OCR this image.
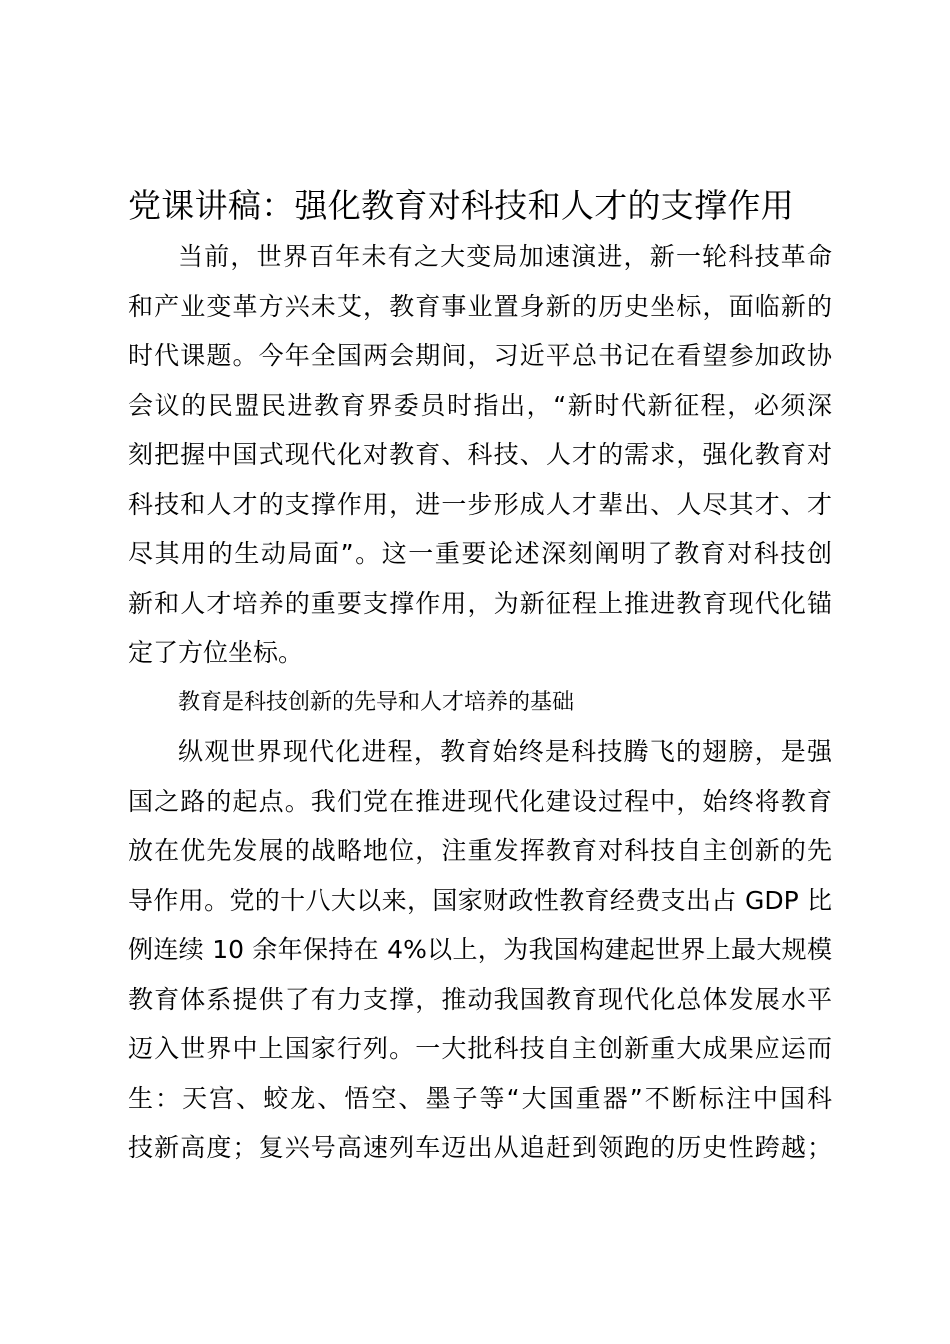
党课讲稿：强化教育对科技和人才的支撑作用
当前，世界百年未有之大变局加速演进，新一轮科技革命
和产业变革方兴未艾，教育事业置身新的历史坐标，面临新的
时代课题。今年全国两会期间，习近平总书记在看望参加政协
会议的民盟民进教育界委员时指出，“新时代新征程，必须深
刻把握中国式现代化对教育、科技、人才的需求，强化教育对
科技和人才的支撑作用，进一步形成人才辈出、人尽其才、才
尽其用的生动局面”。这一重要论述深刻阐明了教育对科技创
新和人才培养的重要支撑作用，为新征程上推进教育现代化锚
定了方位坐标。
教育是科技创新的先导和人才培养的基础
纵观世界现代化进程，教育始终是科技腾飞的翅膀，是强
国之路的起点。我们党在推进现代化建设过程中，始终将教育
放在优先发展的战略地位，注重发挥教育对科技自主创新的先
导作用。党的十八大以来，国家财政性教育经费支出占 GDP 比
例连续 10 余年保持在 4%以上，为我国构建起世界上最大规模
教育体系提供了有力支撑，推动我国教育现代化总体发展水平
迈入世界中上国家行列。一大批科技自主创新重大成果应运而
生：天宫、蛟龙、悟空、墨子等“大国重器”不断标注中国科
技新高度；复兴号高速列车迈出从追赶到领跑的历史性跨越；
